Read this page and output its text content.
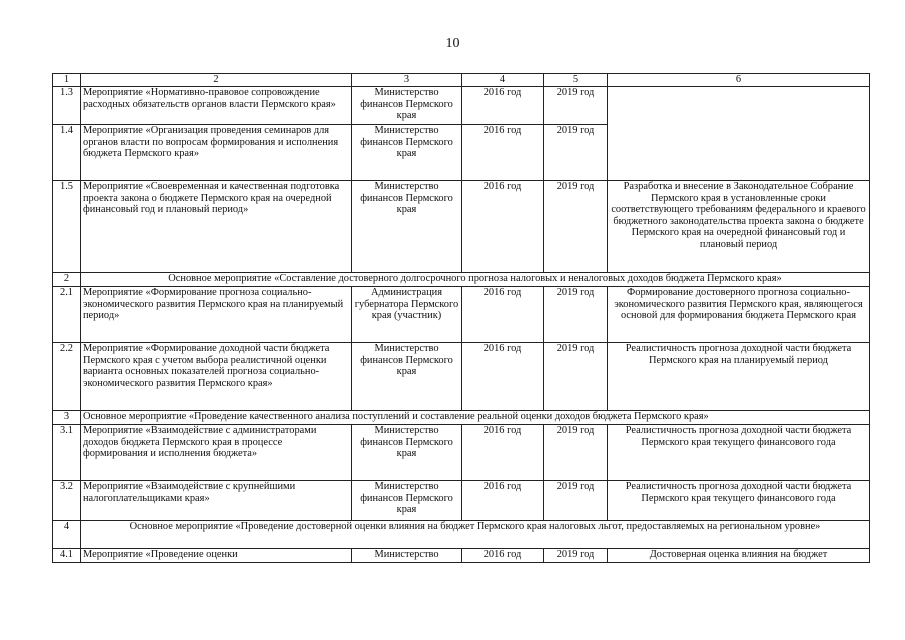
10
1	2	3	4	5	6
1.3	Мероприятие «Нормативно-правовое сопровождение расходных обязательств органов власти Пермского края»	Министерство финансов Пермского края	2016 год	2019 год	
1.4	Мероприятие «Организация проведения семинаров для органов власти по вопросам формирования и исполнения бюджета Пермского края»	Министерство финансов Пермского края	2016 год	2019 год	
1.5	Мероприятие «Своевременная и качественная подготовка проекта закона о бюджете Пермского края на очередной финансовый год и плановый период»	Министерство финансов Пермского края	2016 год	2019 год	Разработка и внесение в Законодательное Собрание Пермского края в установленные сроки соответствующего требованиям федерального и краевого бюджетного законодательства проекта закона о бюджете Пермского края на очередной финансовый год и плановый период
2	Основное мероприятие «Составление достоверного долгосрочного прогноза налоговых и неналоговых доходов бюджета Пермского края»				
2.1	Мероприятие «Формирование прогноза социально-экономического развития Пермского края на планируемый период»	Администрация губернатора Пермского края (участник)	2016 год	2019 год	Формирование достоверного прогноза социально-экономического развития Пермского края, являющегося основой для формирования бюджета Пермского края
2.2	Мероприятие «Формирование доходной части бюджета Пермского края с учетом выбора реалистичной оценки варианта основных показателей прогноза социально-экономического развития Пермского края»	Министерство финансов Пермского края	2016 год	2019 год	Реалистичность прогноза доходной части бюджета Пермского края на планируемый период
3	Основное мероприятие «Проведение качественного анализа поступлений и составление реальной оценки доходов бюджета Пермского края»				
3.1	Мероприятие «Взаимодействие с администраторами доходов бюджета Пермского края в процессе формирования и исполнения бюджета»	Министерство финансов Пермского края	2016 год	2019 год	Реалистичность прогноза доходной части бюджета Пермского края текущего финансового года
3.2	Мероприятие «Взаимодействие с крупнейшими налогоплательщиками края»	Министерство финансов Пермского края	2016 год	2019 год	Реалистичность прогноза доходной части бюджета Пермского края текущего финансового года
4	Основное мероприятие «Проведение достоверной оценки влияния на бюджет Пермского края налоговых льгот, предоставляемых на региональном уровне»				
4.1	Мероприятие «Проведение оценки	Министерство	2016 год	2019 год	Достоверная оценка влияния на бюджет
